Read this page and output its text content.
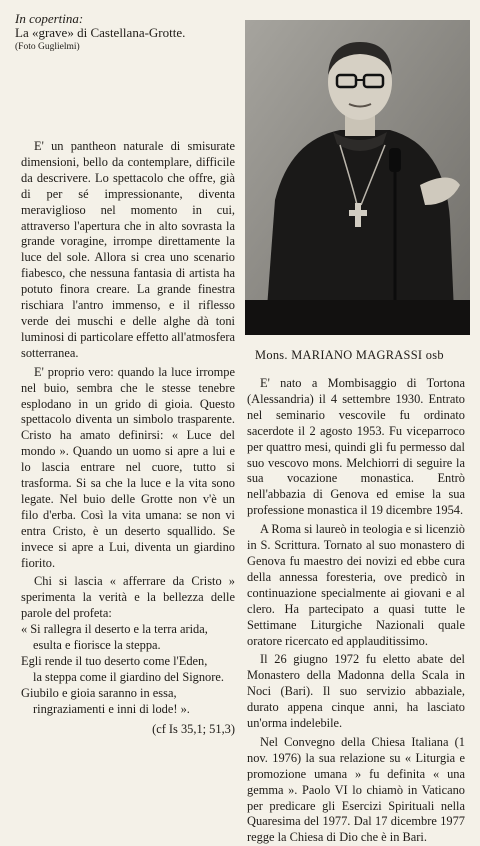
In copertina:
La «grave» di Castellana-Grotte.
(Foto Guglielmi)

E' un pantheon naturale di smisurate dimensioni, bello da contemplare, difficile da descrivere. Lo spettacolo che offre, già di per sé impressionante, diventa meraviglioso nel momento in cui, attraverso l'apertura che in alto sovrasta la grande voragine, irrompe direttamente la luce del sole. Allora si crea uno scenario fiabesco, che nessuna fantasia di artista ha potuto finora creare. La grande finestra rischiara l'antro immenso, e il riflesso verde dei muschi e delle alghe dà toni luminosi di particolare effetto all'atmosfera sotterranea.

E' proprio vero: quando la luce irrompe nel buio, sembra che le stesse tenebre esplodano in un grido di gioia. Questo spettacolo diventa un simbolo trasparente. Cristo ha amato definirsi: « Luce del mondo ». Quando un uomo si apre a lui e lo lascia entrare nel cuore, tutto si trasforma. Si sa che la luce e la vita sono legate. Nel buio delle Grotte non v'è un filo d'erba. Così la vita umana: se non vi entra Cristo, è un deserto squallido. Se invece si apre a Lui, diventa un giardino fiorito.

Chi si lascia « afferrare da Cristo » sperimenta la verità e la bellezza delle parole del profeta:

« Si rallegra il deserto e la terra arida,

esulta e fiorisce la steppa.

Egli rende il tuo deserto come l'Eden,

la steppa come il giardino del Signore.

Giubilo e gioia saranno in essa,

ringraziamenti e inni di lode! ».

(cf Is 35,1; 51,3)

Mons. MARIANO MAGRASSI osb

E' nato a Mombisaggio di Tortona (Alessandria) il 4 settembre 1930. Entrato nel seminario vescovile fu ordinato sacerdote il 2 agosto 1953. Fu viceparroco per quattro mesi, quindi gli fu permesso dal suo vescovo mons. Melchiorri di seguire la sua vocazione monastica. Entrò nell'abbazia di Genova ed emise la sua professione monastica il 19 dicembre 1954.

A Roma si laureò in teologia e si licenziò in S. Scrittura. Tornato al suo monastero di Genova fu maestro dei novizi ed ebbe cura della annessa foresteria, ove predicò in continuazione specialmente ai giovani e al clero. Ha partecipato a quasi tutte le Settimane Liturgiche Nazionali quale oratore ricercato ed applauditissimo.

Il 26 giugno 1972 fu eletto abate del Monastero della Madonna della Scala in Noci (Bari). Il suo servizio abbaziale, durato appena cinque anni, ha lasciato un'orma indelebile.

Nel Convegno della Chiesa Italiana (1 nov. 1976) la sua relazione su « Liturgia e promozione umana » fu definita « una gemma ». Paolo VI lo chiamò in Vaticano per predicare gli Esercizi Spirituali nella Quaresima del 1977. Dal 17 dicembre 1977 regge la Chiesa di Dio che è in Bari.
